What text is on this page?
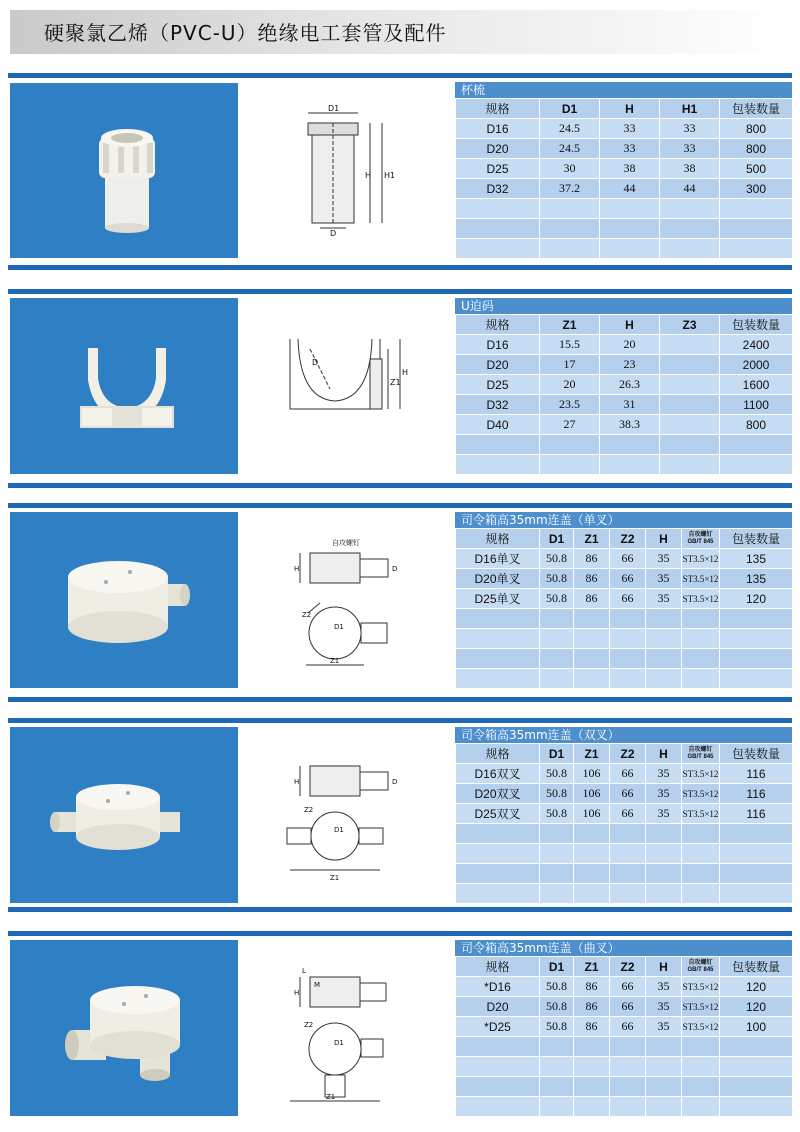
硬聚氯乙烯（PVC-U）绝缘电工套管及配件
D1
H H1
D
杯梳
规格	D1	H	H1	包装数量
D16	24.5	33	33	800
D20	24.5	33	33	800
D25	30	38	38	500
D32	37.2	44	44	300

D
Z1
H
U迫码
规格	Z1	H	Z3	包装数量
D16	15.5	20		2400
D20	17	23		2000
D25	20	26.3		1600
D32	23.5	31		1100
D40	27	38.3		800

自攻螺钉
H	D
Z2
D1
Z1
司令箱高35mm连盖（单叉）
规格	D1	Z1	Z2	H	自攻螺钉 GB/T 845	包装数量
D16单叉	50.8	86	66	35	ST3.5×12	135
D20单叉	50.8	86	66	35	ST3.5×12	135
D25单叉	50.8	86	66	35	ST3.5×12	120

H	D
Z2
D1
Z1
司令箱高35mm连盖（双叉）
规格	D1	Z1	Z2	H	自攻螺钉 GB/T 845	包装数量
D16双叉	50.8	106	66	35	ST3.5×12	116
D20双叉	50.8	106	66	35	ST3.5×12	116
D25双叉	50.8	106	66	35	ST3.5×12	116

L
H
M
Z2
D1
Z1
司令箱高35mm连盖（曲叉）
规格	D1	Z1	Z2	H	自攻螺钉 GB/T 845	包装数量
*D16	50.8	86	66	35	ST3.5×12	120
D20	50.8	86	66	35	ST3.5×12	120
*D25	50.8	86	66	35	ST3.5×12	100
